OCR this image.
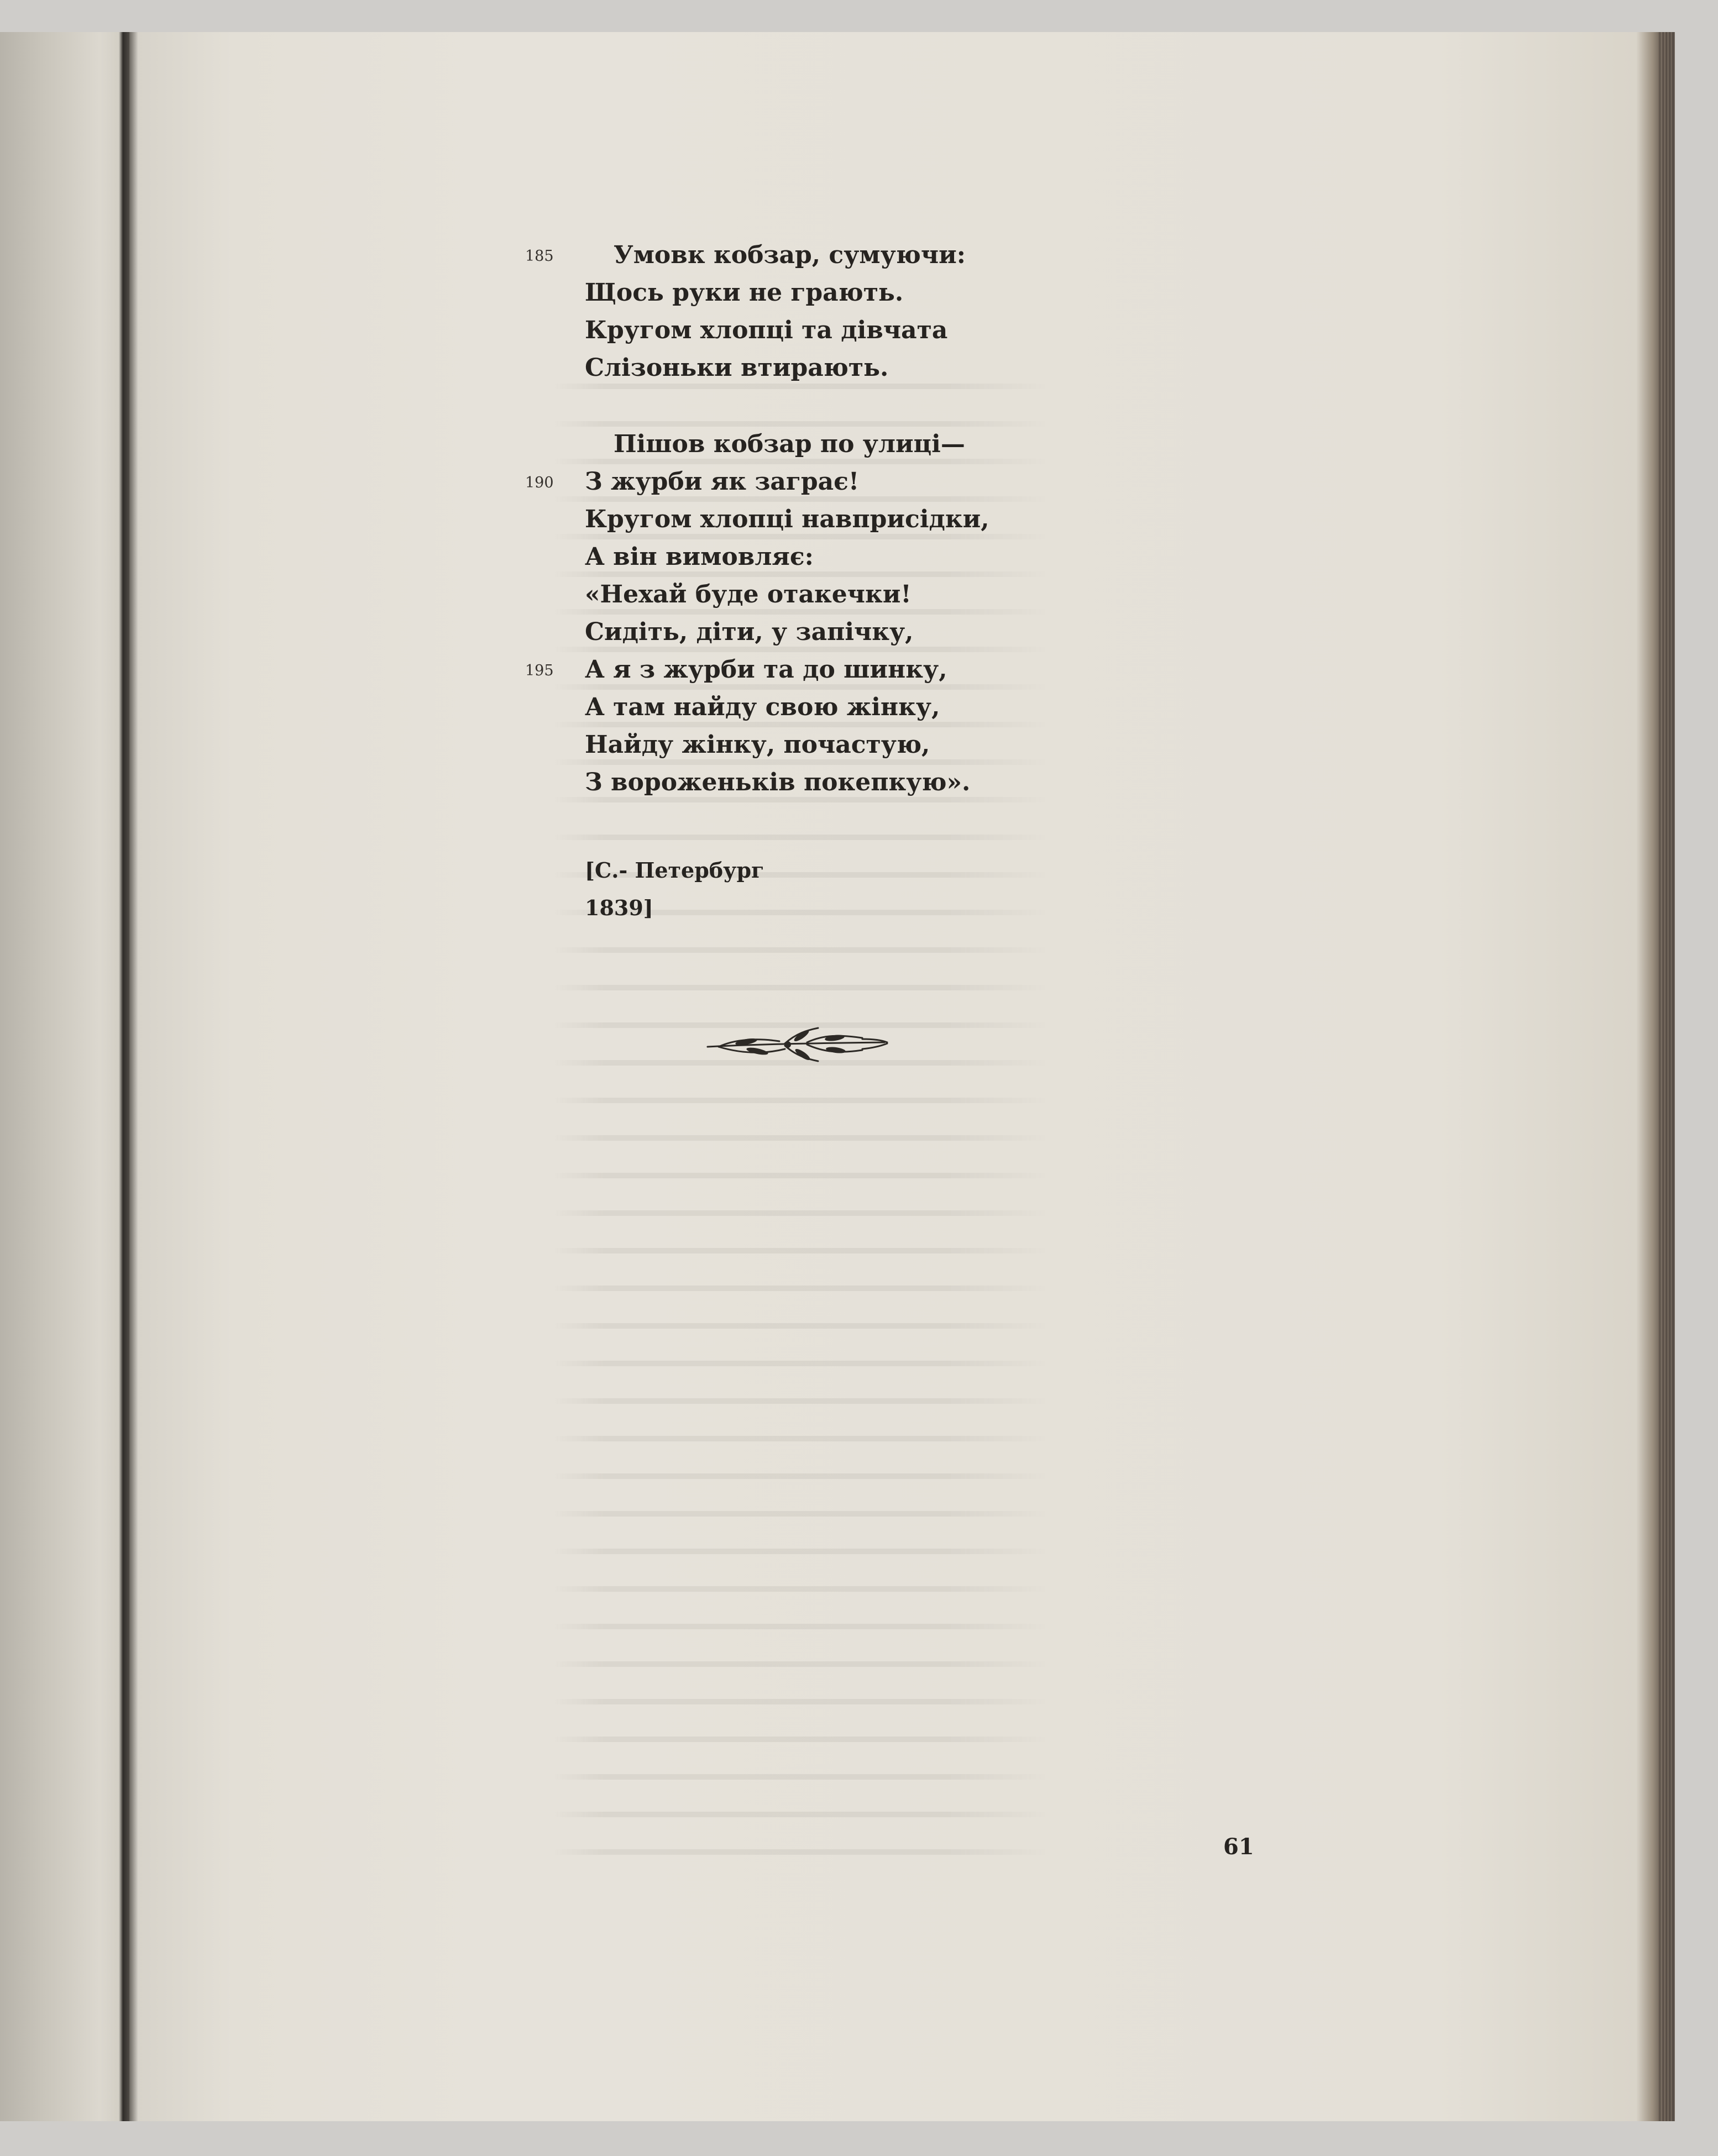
185 Умовк кобзар, сумуючи:
Щось руки не грають.
Кругом хлопці та дівчата
Слізоньки втирають.
Пішов кобзар по улиці—
190 З журби як заграє!
Кругом хлопці навприсідки,
А він вимовляє:
«Нехай буде отакечки!
Сидіть, діти, у запічку,
195 А я з журби та до шинку,
А там найду свою жінку,
Найду жінку, почастую,
З вороженьків покепкую».
[С.- Петербург
1839]
61
